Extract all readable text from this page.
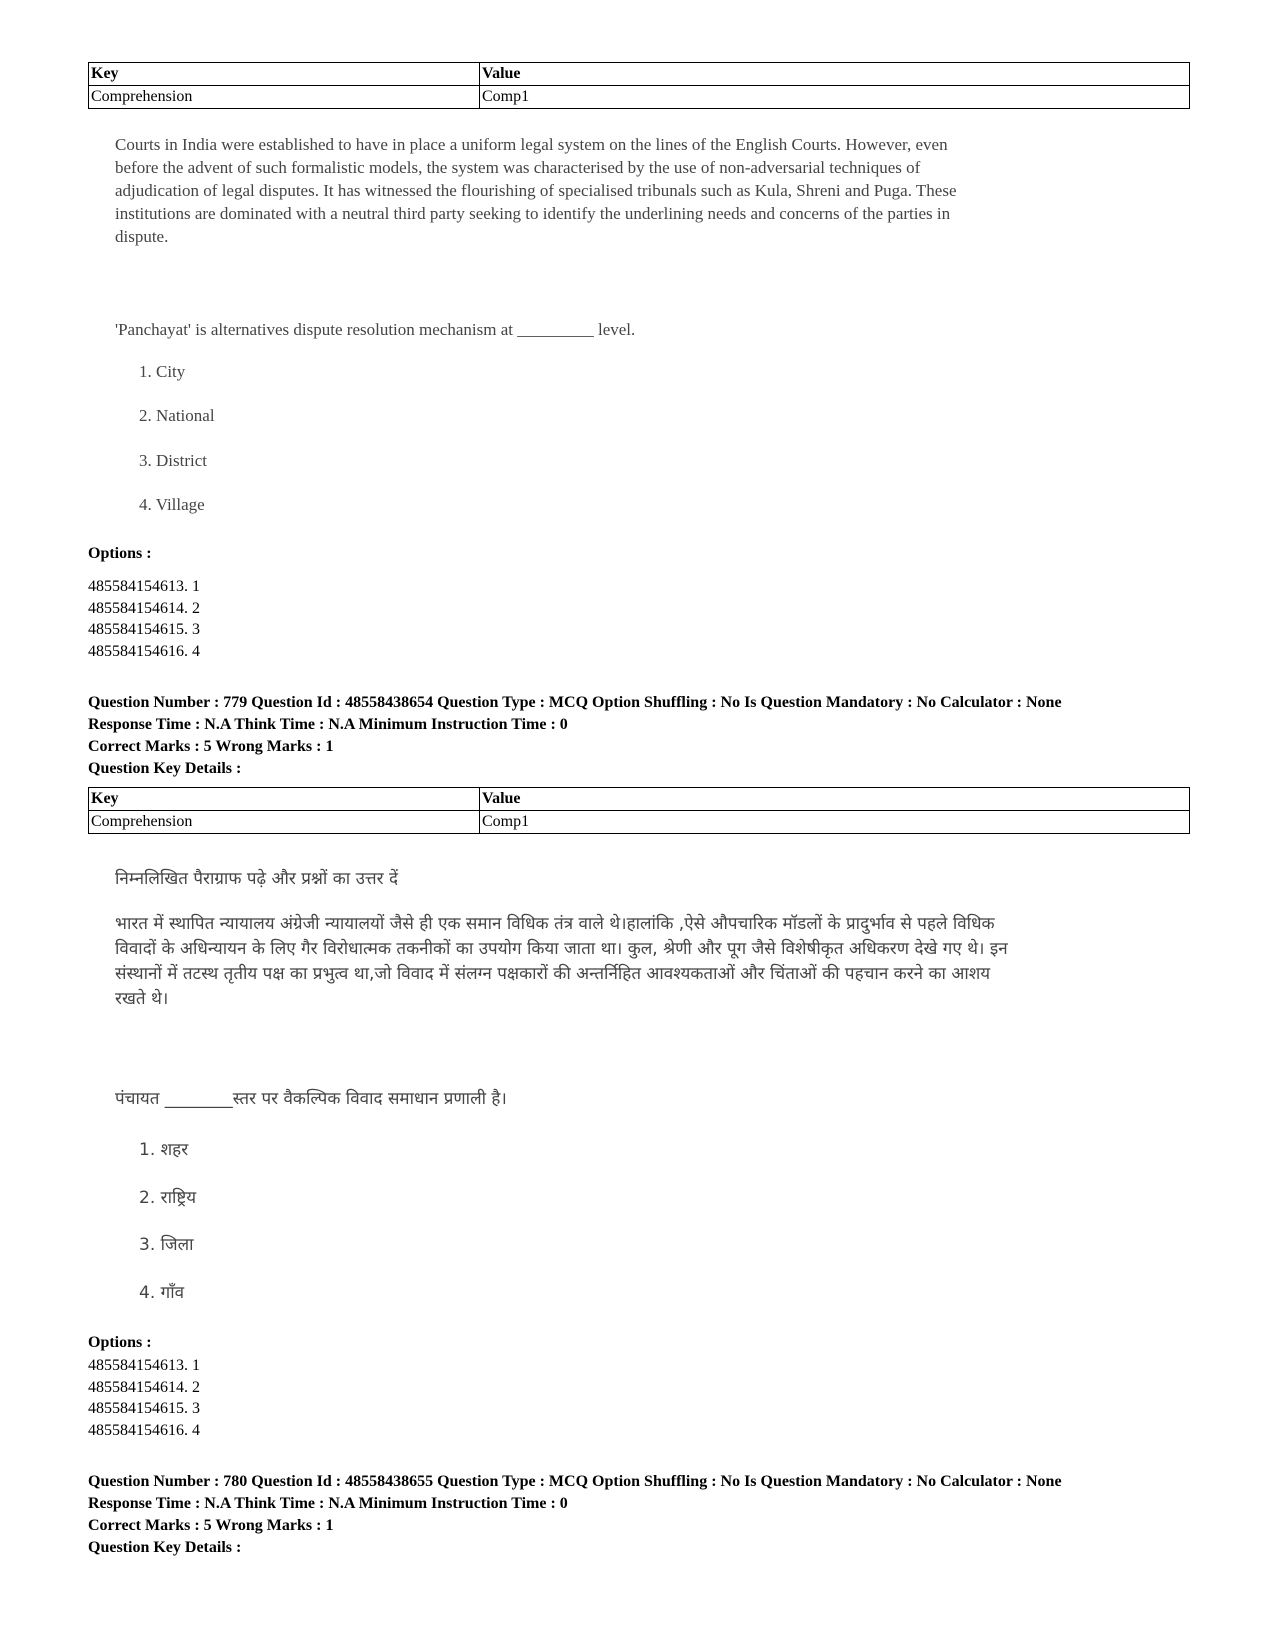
Key	Value
Comprehension	Comp1
Courts in India were established to have in place a uniform legal system on the lines of the English Courts. However, even before the advent of such formalistic models, the system was characterised by the use of non-adversarial techniques of adjudication of legal disputes. It has witnessed the flourishing of specialised tribunals such as Kula, Shreni and Puga. These institutions are dominated with a neutral third party seeking to identify the underlining needs and concerns of the parties in dispute.
'Panchayat' is alternatives dispute resolution mechanism at _________ level.
1. City
2. National
3. District
4. Village
Options :
485584154613. 1
485584154614. 2
485584154615. 3
485584154616. 4
Question Number : 779 Question Id : 48558438654 Question Type : MCQ Option Shuffling : No Is Question Mandatory : No Calculator : None
Response Time : N.A Think Time : N.A Minimum Instruction Time : 0
Correct Marks : 5 Wrong Marks : 1
Question Key Details :
Key	Value
Comprehension	Comp1
निम्नलिखित पैराग्राफ पढ़े और प्रश्नों का उत्तर दें
भारत में स्थापित न्यायालय अंग्रेजी न्यायालयों जैसे ही एक समान विधिक तंत्र वाले थे।हालांकि ,ऐसे औपचारिक मॉडलों के प्रादुर्भाव से पहले विधिक विवादों के अधिन्यायन के लिए गैर विरोधात्मक तकनीकों का उपयोग किया जाता था। कुल, श्रेणी और पूग जैसे विशेषीकृत अधिकरण देखे गए थे। इन संस्थानों में तटस्थ तृतीय पक्ष का प्रभुत्व था,जो विवाद में संलग्न पक्षकारों की अन्तर्निहित आवश्यकताओं और चिंताओं की पहचान करने का आशय रखते थे।
पंचायत ________स्तर पर वैकल्पिक विवाद समाधान प्रणाली है।
1. शहर
2. राष्ट्रिय
3. जिला
4. गाँव
Options :
485584154613. 1
485584154614. 2
485584154615. 3
485584154616. 4
Question Number : 780 Question Id : 48558438655 Question Type : MCQ Option Shuffling : No Is Question Mandatory : No Calculator : None
Response Time : N.A Think Time : N.A Minimum Instruction Time : 0
Correct Marks : 5 Wrong Marks : 1
Question Key Details :
